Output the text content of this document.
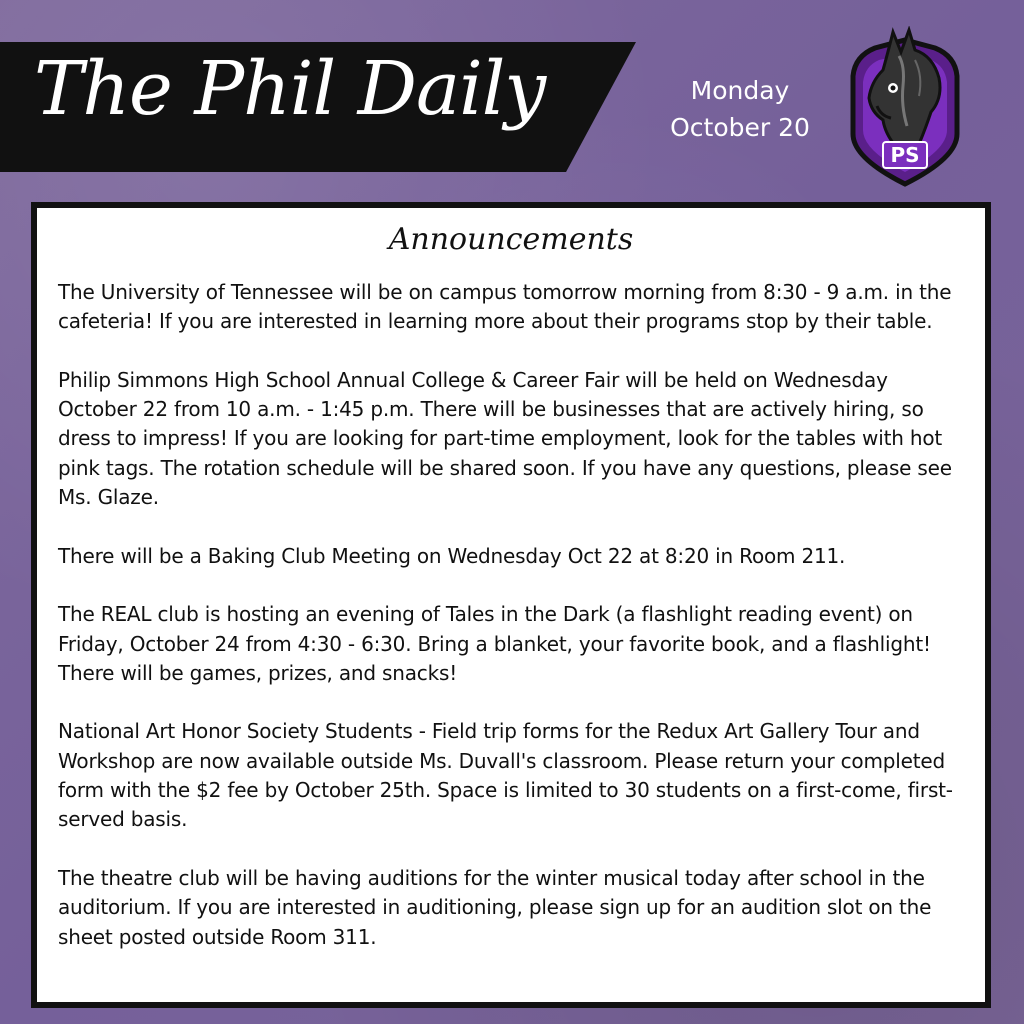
The Phil Daily	Monday
October 20
PS
Announcements

The University of Tennessee will be on campus tomorrow morning from 8:30 - 9 a.m. in the cafeteria! If you are interested in learning more about their programs stop by their table.

Philip Simmons High School Annual College & Career Fair will be held on Wednesday October 22 from 10 a.m. - 1:45 p.m. There will be businesses that are actively hiring, so dress to impress! If you are looking for part-time employment, look for the tables with hot pink tags. The rotation schedule will be shared soon. If you have any questions, please see Ms. Glaze.

There will be a Baking Club Meeting on Wednesday Oct 22 at 8:20 in Room 211.

The REAL club is hosting an evening of Tales in the Dark (a flashlight reading event) on Friday, October 24 from 4:30 - 6:30. Bring a blanket, your favorite book, and a flashlight! There will be games, prizes, and snacks!

National Art Honor Society Students - Field trip forms for the Redux Art Gallery Tour and Workshop are now available outside Ms. Duvall's classroom. Please return your completed form with the $2 fee by October 25th. Space is limited to 30 students on a first-come, first-served basis.

The theatre club will be having auditions for the winter musical today after school in the auditorium. If you are interested in auditioning, please sign up for an audition slot on the sheet posted outside Room 311.
